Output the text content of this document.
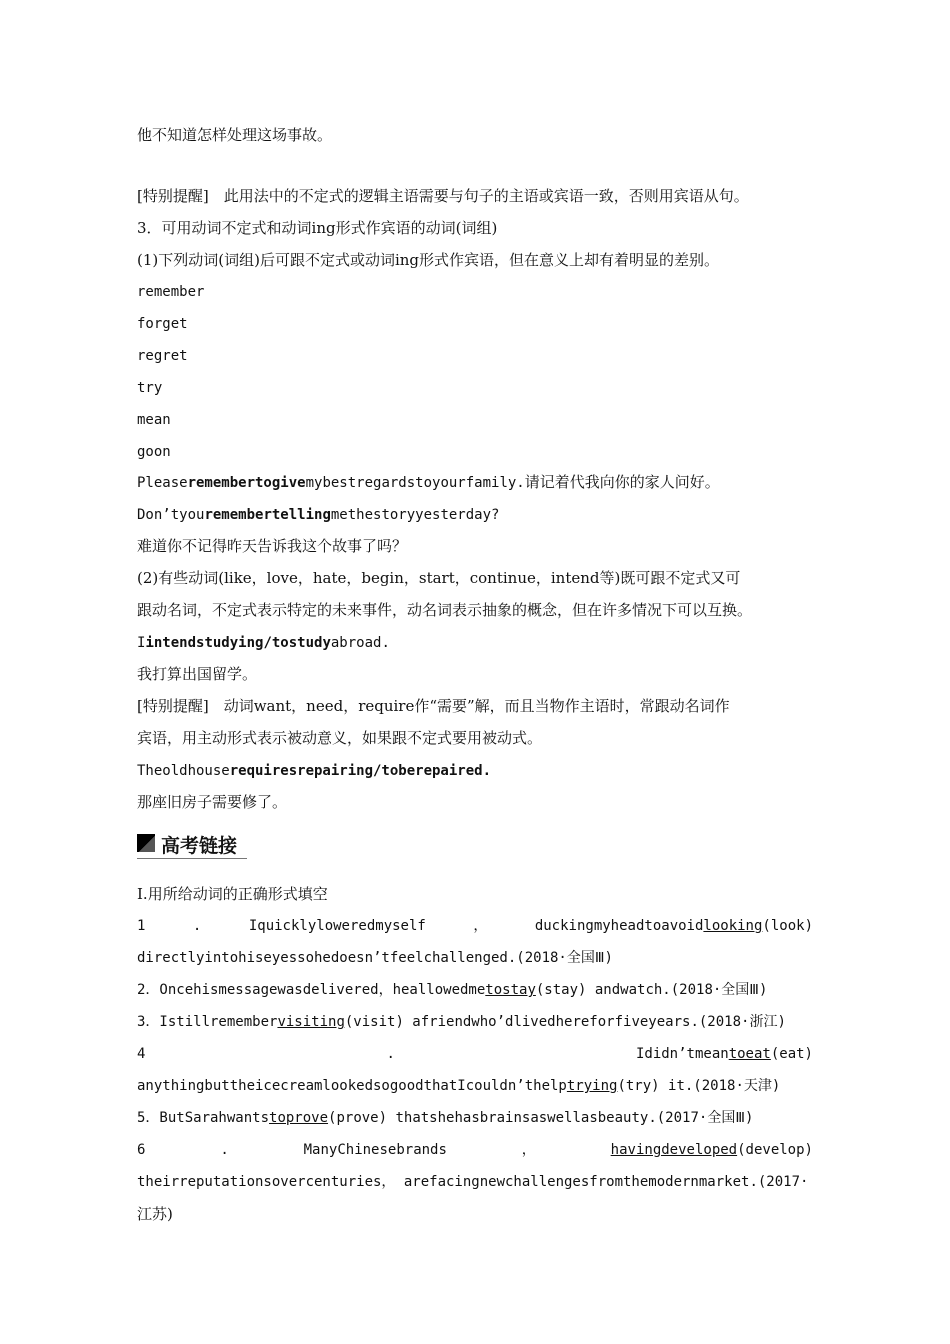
他不知道怎样处理这场事故。
[特别提醒]　此用法中的不定式的逻辑主语需要与句子的主语或宾语一致，否则用宾语从句。
3．可用动词不定式和动词ing形式作宾语的动词(词组)
(1)下列动词(词组)后可跟不定式或动词ing形式作宾语，但在意义上却有着明显的差别。
remember
forget
regret
try
mean
goon
Pleaseremembertogivemybestregardstoyourfamily.请记着代我向你的家人问好。
Don’tyouremembertellingmethestoryyesterday?
难道你不记得昨天告诉我这个故事了吗？
(2)有些动词(like，love，hate，begin，start，continue，intend等)既可跟不定式又可
跟动名词，不定式表示特定的未来事件，动名词表示抽象的概念，但在许多情况下可以互换。
Iintendstudying/tostudyabroad.
我打算出国留学。
[特别提醒]　动词want，need，require作“需要”解，而且当物作主语时，常跟动名词作
宾语，用主动形式表示被动意义，如果跟不定式要用被动式。
Theoldhouserequiresrepairing/toberepaired.
那座旧房子需要修了。
高考链接
Ⅰ.用所给动词的正确形式填空
1	.	Iquicklyloweredmyself	，	duckingmyheadtoavoidlooking(look)
directlyintohiseyessohedoesn’tfeelchallenged.(2018·全国Ⅲ)
2．Oncehismessagewasdelivered，heallowedmetostay(stay) andwatch.(2018·全国Ⅲ)
3．Istillremembervisiting(visit) afriendwho’dlivedhereforfiveyears.(2018·浙江)
4	.	Ididn’tmeantoeat(eat)
anythingbuttheicecreamlookedsogoodthatIcouldn’thelptrying(try) it.(2018·天津)
5．ButSarahwantstoprove(prove) thatshehasbrainsaswellasbeauty.(2017·全国Ⅲ)
6	.	ManyChinesebrands	，	havingdeveloped(develop)
theirreputationsovercenturies， arefacingnewchallengesfromthemodernmarket.(2017·
江苏)
